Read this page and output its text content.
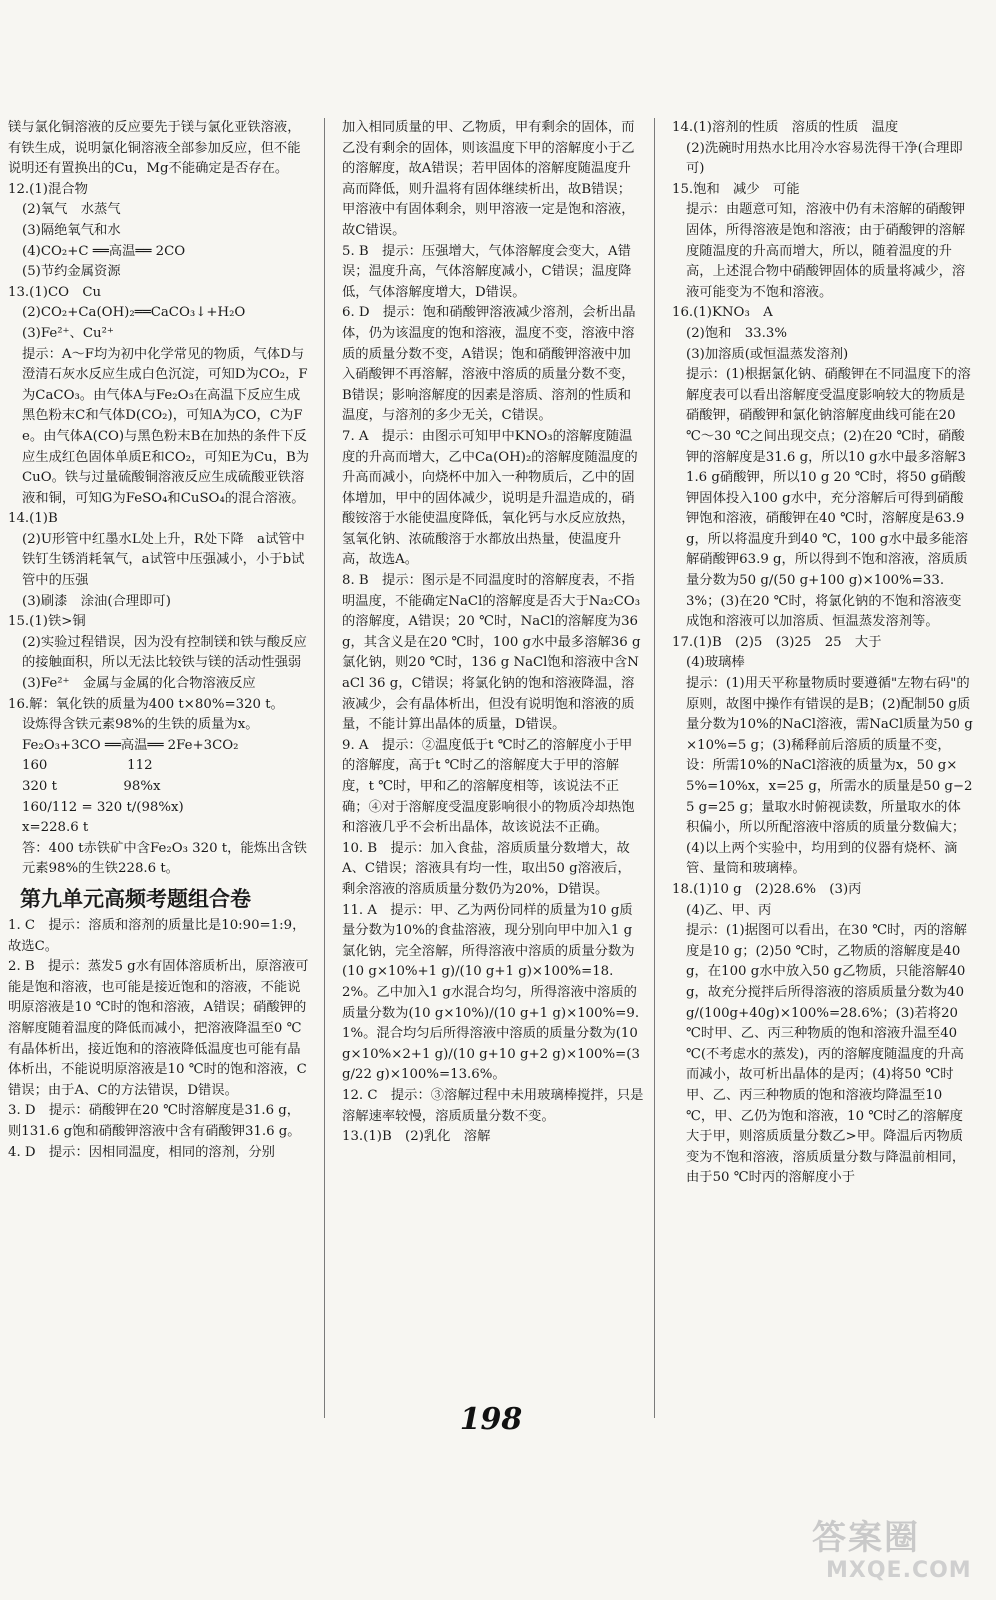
镁与氯化铜溶液的反应要先于镁与氯化亚铁溶液，有铁生成，说明氯化铜溶液全部参加反应，但不能说明还有置换出的Cu，Mg不能确定是否存在。

12.(1)混合物

(2)氧气　水蒸气

(3)隔绝氧气和水

(4)CO₂+C ══高温══ 2CO

(5)节约金属资源

13.(1)CO　Cu

(2)CO₂+Ca(OH)₂══CaCO₃↓+H₂O

(3)Fe²⁺、Cu²⁺

提示：A～F均为初中化学常见的物质，气体D与澄清石灰水反应生成白色沉淀，可知D为CO₂，F为CaCO₃。由气体A与Fe₂O₃在高温下反应生成黑色粉末C和气体D(CO₂)，可知A为CO，C为Fe。由气体A(CO)与黑色粉末B在加热的条件下反应生成红色固体单质E和CO₂，可知E为Cu，B为CuO。铁与过量硫酸铜溶液反应生成硫酸亚铁溶液和铜，可知G为FeSO₄和CuSO₄的混合溶液。

14.(1)B

(2)U形管中红墨水L处上升，R处下降　a试管中铁钉生锈消耗氧气，a试管中压强减小，小于b试管中的压强

(3)刷漆　涂油(合理即可)

15.(1)铁>铜

(2)实验过程错误，因为没有控制镁和铁与酸反应的接触面积，所以无法比较铁与镁的活动性强弱

(3)Fe²⁺　金属与金属的化合物溶液反应

16.解：氧化铁的质量为400 t×80%=320 t。

设炼得含铁元素98%的生铁的质量为x。

Fe₂O₃+3CO ══高温══ 2Fe+3CO₂

160　　　　　　112

320 t　　　　　98%x

160/112 = 320 t/(98%x)

x=228.6 t

答：400 t赤铁矿中含Fe₂O₃ 320 t，能炼出含铁元素98%的生铁228.6 t。

第九单元高频考题组合卷

1. C　提示：溶质和溶剂的质量比是10:90=1:9，故选C。

2. B　提示：蒸发5 g水有固体溶质析出，原溶液可能是饱和溶液，也可能是接近饱和的溶液，不能说明原溶液是10 ℃时的饱和溶液，A错误；硝酸钾的溶解度随着温度的降低而减小，把溶液降温至0 ℃有晶体析出，接近饱和的溶液降低温度也可能有晶体析出，不能说明原溶液是10 ℃时的饱和溶液，C错误；由于A、C的方法错误，D错误。

3. D　提示：硝酸钾在20 ℃时溶解度是31.6 g，则131.6 g饱和硝酸钾溶液中含有硝酸钾31.6 g。

4. D　提示：因相同温度，相同的溶剂，分别

加入相同质量的甲、乙物质，甲有剩余的固体，而乙没有剩余的固体，则该温度下甲的溶解度小于乙的溶解度，故A错误；若甲固体的溶解度随温度升高而降低，则升温将有固体继续析出，故B错误；甲溶液中有固体剩余，则甲溶液一定是饱和溶液，故C错误。

5. B　提示：压强增大，气体溶解度会变大，A错误；温度升高，气体溶解度减小，C错误；温度降低，气体溶解度增大，D错误。

6. D　提示：饱和硝酸钾溶液减少溶剂，会析出晶体，仍为该温度的饱和溶液，温度不变，溶液中溶质的质量分数不变，A错误；饱和硝酸钾溶液中加入硝酸钾不再溶解，溶液中溶质的质量分数不变，B错误；影响溶解度的因素是溶质、溶剂的性质和温度，与溶剂的多少无关，C错误。

7. A　提示：由图示可知甲中KNO₃的溶解度随温度的升高而增大，乙中Ca(OH)₂的溶解度随温度的升高而减小，向烧杯中加入一种物质后，乙中的固体增加，甲中的固体减少，说明是升温造成的，硝酸铵溶于水能使温度降低，氧化钙与水反应放热，氢氧化钠、浓硫酸溶于水都放出热量，使温度升高，故选A。

8. B　提示：图示是不同温度时的溶解度表，不指明温度，不能确定NaCl的溶解度是否大于Na₂CO₃的溶解度，A错误；20 ℃时，NaCl的溶解度为36 g，其含义是在20 ℃时，100 g水中最多溶解36 g氯化钠，则20 ℃时，136 g NaCl饱和溶液中含NaCl 36 g，C错误；将氯化钠的饱和溶液降温，溶液减少，会有晶体析出，但没有说明饱和溶液的质量，不能计算出晶体的质量，D错误。

9. A　提示：②温度低于t ℃时乙的溶解度小于甲的溶解度，高于t ℃时乙的溶解度大于甲的溶解度，t ℃时，甲和乙的溶解度相等，该说法不正确；④对于溶解度受温度影响很小的物质冷却热饱和溶液几乎不会析出晶体，故该说法不正确。

10. B　提示：加入食盐，溶质质量分数增大，故A、C错误；溶液具有均一性，取出50 g溶液后，剩余溶液的溶质质量分数仍为20%，D错误。

11. A　提示：甲、乙为两份同样的质量为10 g质量分数为10%的食盐溶液，现分别向甲中加入1 g氯化钠，完全溶解，所得溶液中溶质的质量分数为(10 g×10%+1 g)/(10 g+1 g)×100%=18.2%。乙中加入1 g水混合均匀，所得溶液中溶质的质量分数为(10 g×10%)/(10 g+1 g)×100%=9.1%。混合均匀后所得溶液中溶质的质量分数为(10 g×10%×2+1 g)/(10 g+10 g+2 g)×100%=(3 g/22 g)×100%=13.6%。

12. C　提示：③溶解过程中未用玻璃棒搅拌，只是溶解速率较慢，溶质质量分数不变。

13.(1)B　(2)乳化　溶解

14.(1)溶剂的性质　溶质的性质　温度

(2)洗碗时用热水比用冷水容易洗得干净(合理即可)

15.饱和　减少　可能

提示：由题意可知，溶液中仍有未溶解的硝酸钾固体，所得溶液是饱和溶液；由于硝酸钾的溶解度随温度的升高而增大，所以，随着温度的升高，上述混合物中硝酸钾固体的质量将减少，溶液可能变为不饱和溶液。

16.(1)KNO₃　A

(2)饱和　33.3%

(3)加溶质(或恒温蒸发溶剂)

提示：(1)根据氯化钠、硝酸钾在不同温度下的溶解度表可以看出溶解度受温度影响较大的物质是硝酸钾，硝酸钾和氯化钠溶解度曲线可能在20 ℃～30 ℃之间出现交点；(2)在20 ℃时，硝酸钾的溶解度是31.6 g，所以10 g水中最多溶解31.6 g硝酸钾，所以10 g 20 ℃时，将50 g硝酸钾固体投入100 g水中，充分溶解后可得到硝酸钾饱和溶液，硝酸钾在40 ℃时，溶解度是63.9 g，所以将温度升到40 ℃，100 g水中最多能溶解硝酸钾63.9 g，所以得到不饱和溶液，溶质质量分数为50 g/(50 g+100 g)×100%=33.3%；(3)在20 ℃时，将氯化钠的不饱和溶液变成饱和溶液可以加溶质、恒温蒸发溶剂等。

17.(1)B　(2)5　(3)25　25　大于

(4)玻璃棒

提示：(1)用天平称量物质时要遵循"左物右码"的原则，故图中操作有错误的是B；(2)配制50 g质量分数为10%的NaCl溶液，需NaCl质量为50 g×10%=5 g；(3)稀释前后溶质的质量不变，设：所需10%的NaCl溶液的质量为x，50 g×5%=10%x，x=25 g，所需水的质量是50 g−25 g=25 g；量取水时俯视读数，所量取水的体积偏小，所以所配溶液中溶质的质量分数偏大；(4)以上两个实验中，均用到的仪器有烧杯、滴管、量筒和玻璃棒。

18.(1)10 g　(2)28.6%　(3)丙

(4)乙、甲、丙

提示：(1)据图可以看出，在30 ℃时，丙的溶解度是10 g；(2)50 ℃时，乙物质的溶解度是40 g，在100 g水中放入50 g乙物质，只能溶解40 g，故充分搅拌后所得溶液的溶质质量分数为40g/(100g+40g)×100%=28.6%；(3)若将20 ℃时甲、乙、丙三种物质的饱和溶液升温至40 ℃(不考虑水的蒸发)，丙的溶解度随温度的升高而减小，故可析出晶体的是丙；(4)将50 ℃时甲、乙、丙三种物质的饱和溶液均降温至10 ℃，甲、乙仍为饱和溶液，10 ℃时乙的溶解度大于甲，则溶质质量分数乙>甲。降温后丙物质变为不饱和溶液，溶质质量分数与降温前相同，由于50 ℃时丙的溶解度小于

198
答案圈
MXQE.COM
